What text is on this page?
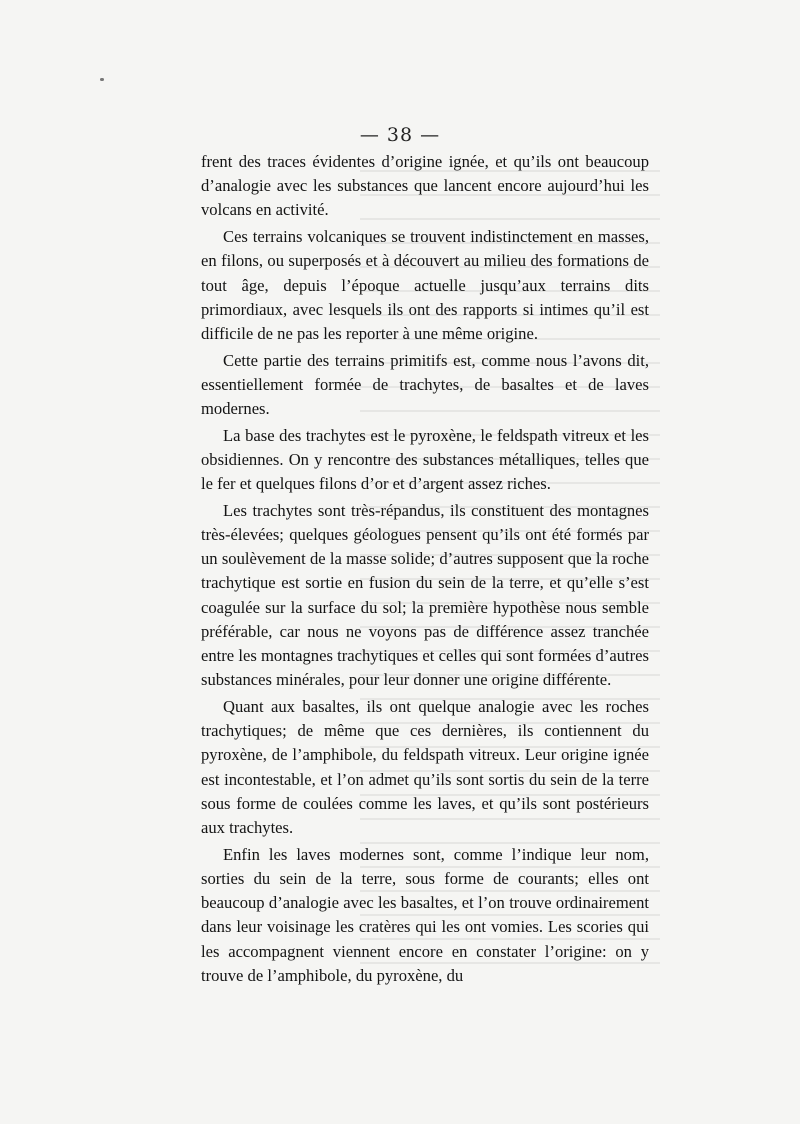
— 38 —

frent des traces évidentes d’origine ignée, et qu’ils ont beaucoup d’analogie avec les substances que lancent encore aujourd’hui les volcans en activité.

Ces terrains volcaniques se trouvent indistinctement en masses, en filons, ou superposés et à découvert au milieu des formations de tout âge, depuis l’époque actuelle jusqu’aux terrains dits primordiaux, avec lesquels ils ont des rapports si intimes qu’il est difficile de ne pas les reporter à une même origine.

Cette partie des terrains primitifs est, comme nous l’avons dit, essentiellement formée de trachytes, de basaltes et de laves modernes.

La base des trachytes est le pyroxène, le feldspath vitreux et les obsidiennes. On y rencontre des substances métalliques, telles que le fer et quelques filons d’or et d’argent assez riches.

Les trachytes sont très-répandus, ils constituent des montagnes très-élevées; quelques géologues pensent qu’ils ont été formés par un soulèvement de la masse solide; d’autres supposent que la roche trachytique est sortie en fusion du sein de la terre, et qu’elle s’est coagulée sur la surface du sol; la première hypothèse nous semble préférable, car nous ne voyons pas de différence assez tranchée entre les montagnes trachytiques et celles qui sont formées d’autres substances minérales, pour leur donner une origine différente.

Quant aux basaltes, ils ont quelque analogie avec les roches trachytiques; de même que ces dernières, ils contiennent du pyroxène, de l’amphibole, du feldspath vitreux. Leur origine ignée est incontestable, et l’on admet qu’ils sont sortis du sein de la terre sous forme de coulées comme les laves, et qu’ils sont postérieurs aux trachytes.

Enfin les laves modernes sont, comme l’indique leur nom, sorties du sein de la terre, sous forme de courants; elles ont beaucoup d’analogie avec les basaltes, et l’on trouve ordinairement dans leur voisinage les cratères qui les ont vomies. Les scories qui les accompagnent viennent encore en constater l’origine: on y trouve de l’amphibole, du pyroxène, du
